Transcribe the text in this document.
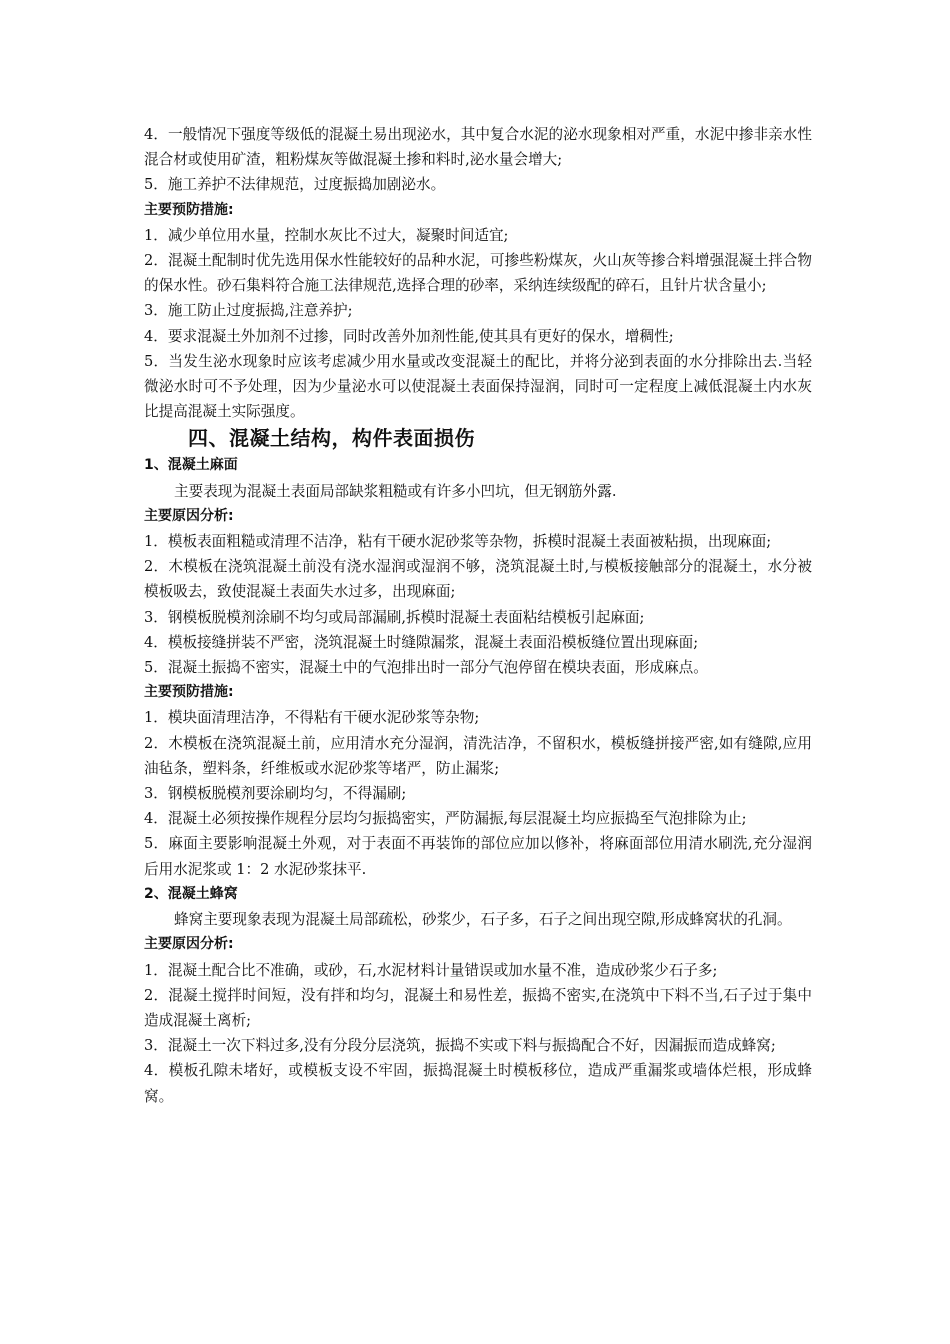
4．一般情况下强度等级低的混凝土易出现泌水，其中复合水泥的泌水现象相对严重，水泥中掺非亲水性混合材或使用矿渣，粗粉煤灰等做混凝土掺和料时,泌水量会增大;

5．施工养护不法律规范，过度振捣加剧泌水。

主要预防措施:

1．减少单位用水量，控制水灰比不过大，凝聚时间适宜;

2．混凝土配制时优先选用保水性能较好的品种水泥，可掺些粉煤灰，火山灰等掺合料增强混凝土拌合物的保水性。砂石集料符合施工法律规范,选择合理的砂率，采纳连续级配的碎石，且针片状含量小;

3．施工防止过度振捣,注意养护;

4．要求混凝土外加剂不过掺，同时改善外加剂性能,使其具有更好的保水，增稠性;

5．当发生泌水现象时应该考虑减少用水量或改变混凝土的配比，并将分泌到表面的水分排除出去.当轻微泌水时可不予处理，因为少量泌水可以使混凝土表面保持湿润，同时可一定程度上减低混凝土内水灰比提高混凝土实际强度。

四、混凝土结构，构件表面损伤

1、混凝土麻面

主要表现为混凝土表面局部缺浆粗糙或有许多小凹坑，但无钢筋外露.

主要原因分析:

1．模板表面粗糙或清理不洁净，粘有干硬水泥砂浆等杂物，拆模时混凝土表面被粘损，出现麻面;

2．木模板在浇筑混凝土前没有浇水湿润或湿润不够，浇筑混凝土时,与模板接触部分的混凝土，水分被模板吸去，致使混凝土表面失水过多，出现麻面;

3．钢模板脱模剂涂刷不均匀或局部漏刷,拆模时混凝土表面粘结模板引起麻面;

4．模板接缝拼装不严密，浇筑混凝土时缝隙漏浆，混凝土表面沿模板缝位置出现麻面;

5．混凝土振捣不密实，混凝土中的气泡排出时一部分气泡停留在模块表面，形成麻点。

主要预防措施:

1．模块面清理洁净，不得粘有干硬水泥砂浆等杂物;

2．木模板在浇筑混凝土前，应用清水充分湿润，清洗洁净，不留积水，模板缝拼接严密,如有缝隙,应用油毡条，塑料条，纤维板或水泥砂浆等堵严，防止漏浆;

3．钢模板脱模剂要涂刷均匀，不得漏刷;

4．混凝土必须按操作规程分层均匀振捣密实，严防漏振,每层混凝土均应振捣至气泡排除为止;

5．麻面主要影响混凝土外观，对于表面不再装饰的部位应加以修补，将麻面部位用清水刷洗,充分湿润后用水泥浆或 1：2 水泥砂浆抹平.

2、混凝土蜂窝

蜂窝主要现象表现为混凝土局部疏松，砂浆少，石子多，石子之间出现空隙,形成蜂窝状的孔洞。

主要原因分析:

1．混凝土配合比不准确，或砂，石,水泥材料计量错误或加水量不准，造成砂浆少石子多;

2．混凝土搅拌时间短，没有拌和均匀，混凝土和易性差，振捣不密实,在浇筑中下料不当,石子过于集中造成混凝土离析;

3．混凝土一次下料过多,没有分段分层浇筑，振捣不实或下料与振捣配合不好，因漏振而造成蜂窝;

4．模板孔隙未堵好，或模板支设不牢固，振捣混凝土时模板移位，造成严重漏浆或墙体烂根，形成蜂窝。
